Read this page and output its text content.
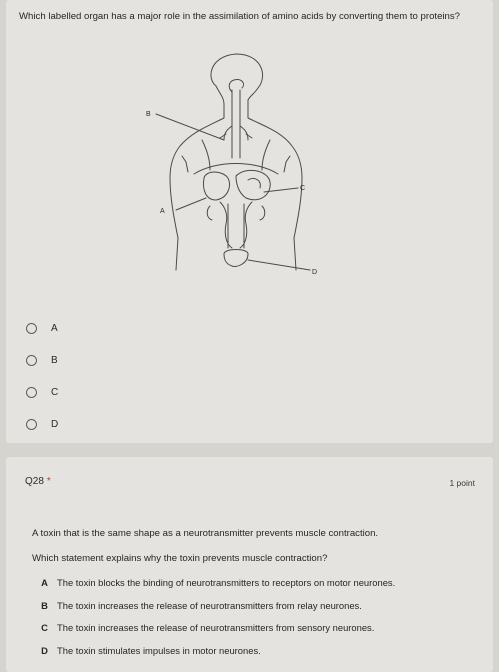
Which labelled organ has a major role in the assimilation of amino acids by converting them to proteins?
B
A
C
D
A
B
C
D
Q28 *	1 point
A toxin that is the same shape as a neurotransmitter prevents muscle contraction.
Which statement explains why the toxin prevents muscle contraction?
A The toxin blocks the binding of neurotransmitters to receptors on motor neurones.
B The toxin increases the release of neurotransmitters from relay neurones.
C The toxin increases the release of neurotransmitters from sensory neurones.
D The toxin stimulates impulses in motor neurones.
